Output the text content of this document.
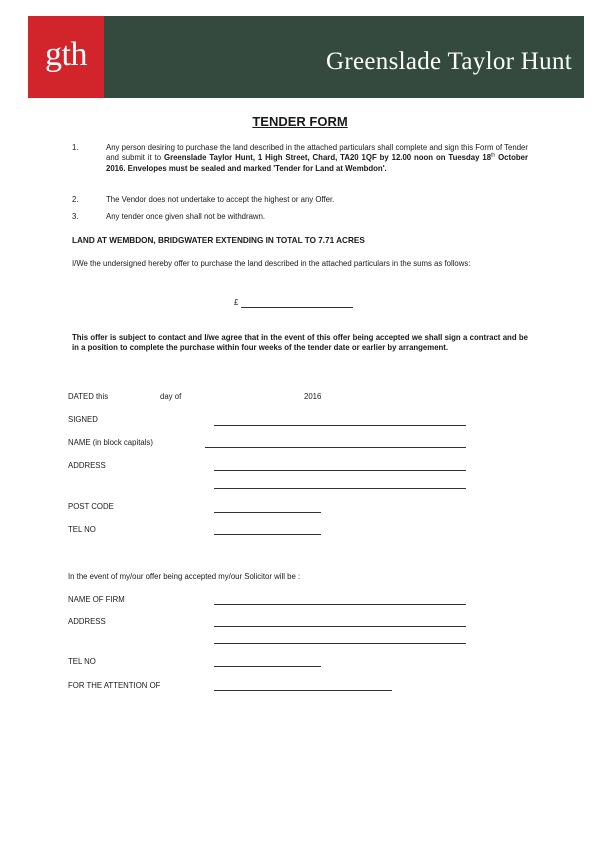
gth	Greenslade Taylor Hunt
TENDER FORM
1.	Any person desiring to purchase the land described in the attached particulars shall complete and sign this Form of Tender and submit it to Greenslade Taylor Hunt, 1 High Street, Chard, TA20 1QF by 12.00 noon on Tuesday 18th October 2016. Envelopes must be sealed and marked 'Tender for Land at Wembdon'.
2.	The Vendor does not undertake to accept the highest or any Offer.
3.	Any tender once given shall not be withdrawn.
LAND AT WEMBDON, BRIDGWATER EXTENDING IN TOTAL TO 7.71 ACRES
I/We the undersigned hereby offer to purchase the land described in the attached particulars in the sums as follows:
£
This offer is subject to contact and I/we agree that in the event of this offer being accepted we shall sign a contract and be in a position to complete the purchase within four weeks of the tender date or earlier by arrangement.
DATED this	day of	2016
SIGNED
NAME (in block capitals)
ADDRESS
POST CODE
TEL NO
In the event of my/our offer being accepted my/our Solicitor will be :
NAME OF FIRM
ADDRESS
TEL NO
FOR THE ATTENTION OF
